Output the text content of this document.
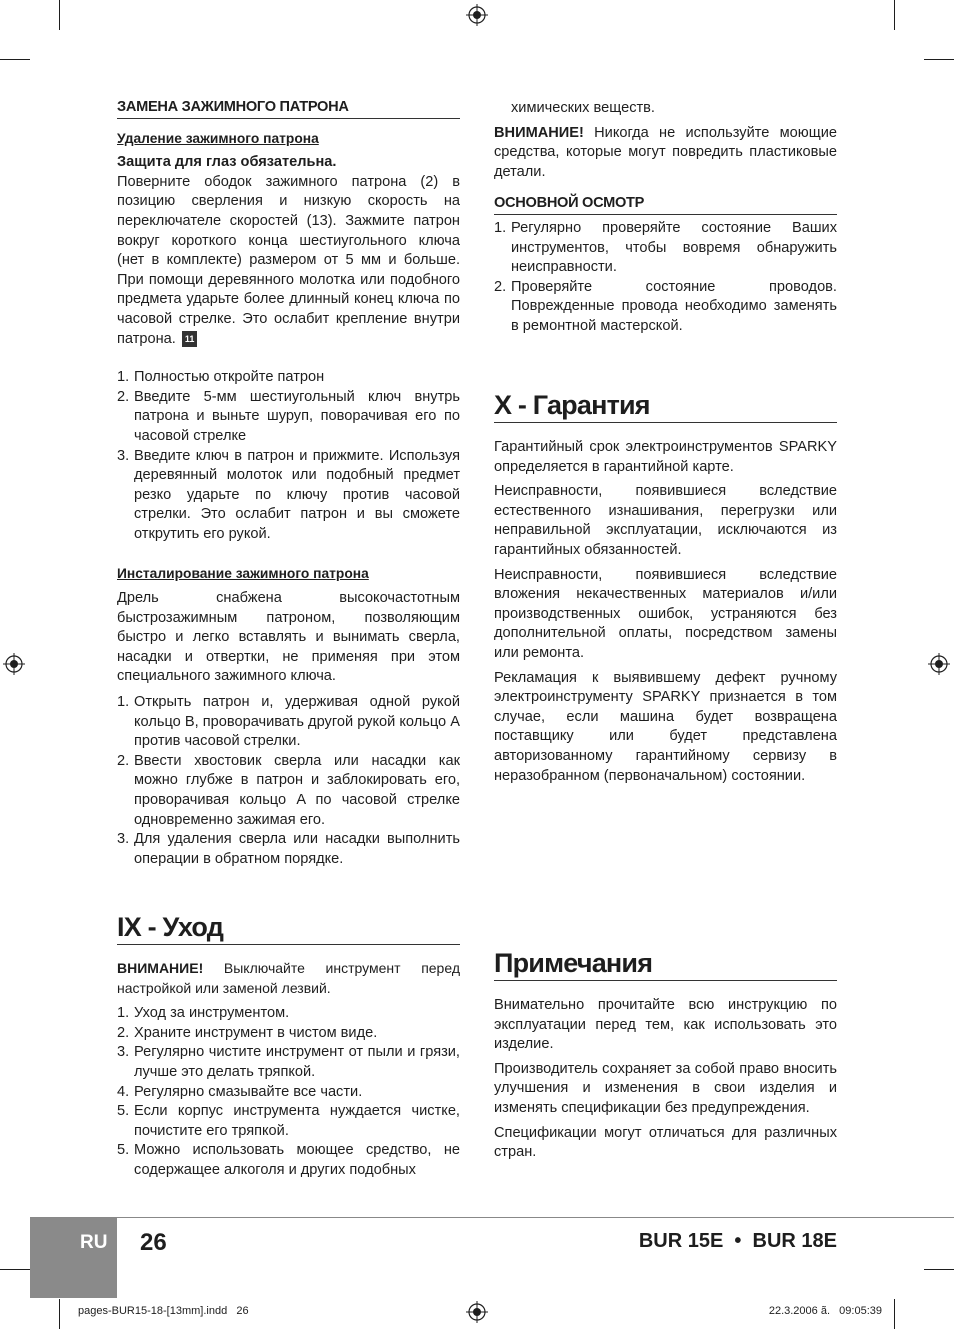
ЗАМЕНА ЗАЖИМНОГО ПАТРОНА

Удаление зажимного патрона

Защита для глаз обязательна.

Поверните ободок зажимного патрона (2) в позицию сверления и низкую скорость на переключателе скоростей (13). Зажмите патрон вокруг короткого конца шестиугольного ключа (нет в комплекте) размером от 5 мм и больше. При помощи деревянного молотка или подобного предмета ударьте более длинный конец ключа по часовой стрелке. Это ослабит крепление внутри патрона. 11

1. Полностью откройте патрон
2. Введите 5-мм шестиугольный ключ внутрь патрона и выньте шуруп, поворачивая его по часовой стрелке
3. Введите ключ в патрон и прижмите. Используя деревянный молоток или подобный предмет резко ударьте по ключу против часовой стрелки. Это ослабит патрон и вы сможете открутить его рукой.

Инсталирование зажимного патрона

Дрель снабжена высокочастотным быстрозажимным патроном, позволяющим быстро и легко вставлять и вынимать сверла, насадки и отвертки, не применяя при этом специального зажимного ключа.

1. Открыть патрон и, удерживая одной рукой кольцо B, проворачивать другой рукой кольцо A против часовой стрелки.
2. Ввести хвостовик сверла или насадки как можно глубже в патрон и заблокировать его, проворачивая кольцо A по часовой стрелке одновременно зажимая его.
3. Для удаления сверла или насадки выполнить операции в обратном порядке.
IX - Уход

ВНИМАНИЕ! Выключайте инструмент перед настройкой или заменой лезвий.

1. Уход за инструментом.
2. Храните инструмент в чистом виде.
3. Регулярно чистите инструмент от пыли и грязи, лучше это делать тряпкой.
4. Регулярно смазывайте все части.
5. Если корпус инструмента нуждается чистке, почистите его тряпкой.
5. Можно использовать моющее средство, не содержащее алкоголя и других подобных

химических веществ.

ВНИМАНИЕ! Никогда не используйте моющие средства, которые могут повредить пластиковые детали.

ОСНОВНОЙ ОСМОТР
1. Регулярно проверяйте состояние Ваших инструментов, чтобы вовремя обнаружить неисправности.
2. Проверяйте состояние проводов. Поврежденные провода необходимо заменять в ремонтной мастерской.
X - Гарантия

Гарантийный срок электроинструментов SPARKY определяется в гарантийной карте.

Неисправности, появившиеся вследствие естественного изнашивания, перегрузки или неправильной эксплуатации, исключаются из гарантийных обязанностей.

Неисправности, появившиеся вследствие вложения некачественных материалов и/или производственных ошибок, устраняются без дополнительной оплаты, посредством замены или ремонта.

Рекламация к выявившему дефект ручному электроинструменту SPARKY признается в том случае, если машина будет возвращена поставщику или будет представлена авторизованному гарантийному сервизу в неразобранном (первоначальном) состоянии.

Примечания

Внимательно прочитайте всю инструкцию по эксплуатации перед тем, как использовать это изделие.

Производитель сохраняет за собой право вносить улучшения и изменения в свои изделия и изменять спецификации без предупреждения.

Спецификации могут отличаться для различных стран.

RU 26	BUR 15E  •  BUR 18E
pages-BUR15-18-[13mm].indd   26	22.3.2006 ã.   09:05:39
